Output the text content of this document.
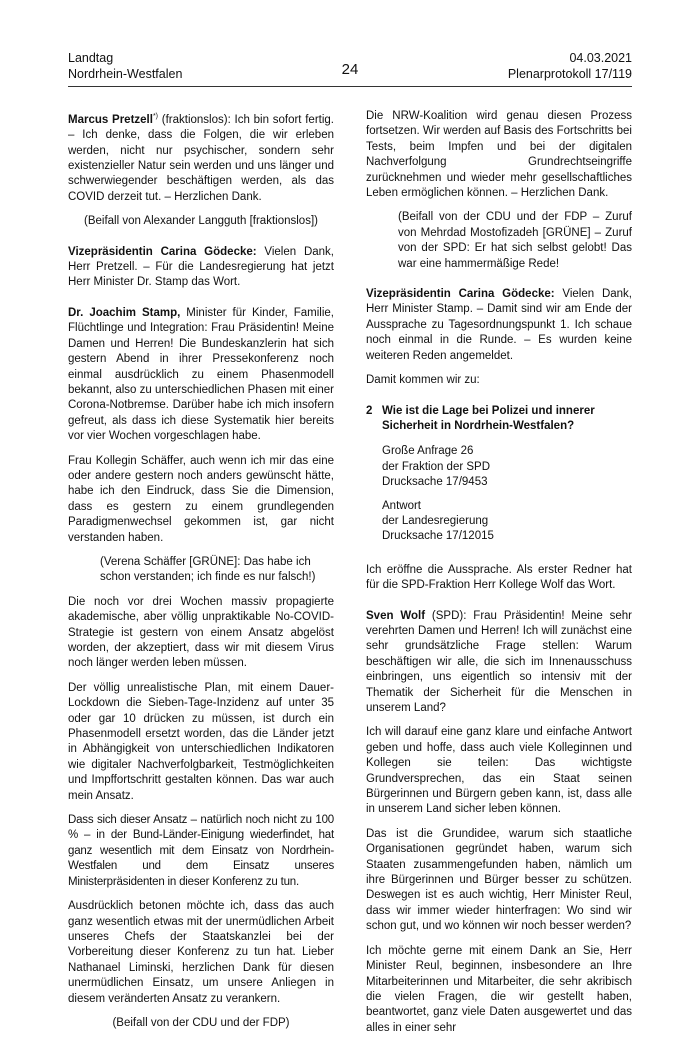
Landtag
Nordrhein-Westfalen	24
04.03.2021
Plenarprotokoll 17/119

Marcus Pretzell*) (fraktionslos): Ich bin sofort fertig. – Ich denke, dass die Folgen, die wir erleben werden, nicht nur psychischer, sondern sehr existenzieller Natur sein werden und uns länger und schwerwiegender beschäftigen werden, als das COVID derzeit tut. – Herzlichen Dank.

(Beifall von Alexander Langguth [fraktionslos])

Vizepräsidentin Carina Gödecke: Vielen Dank, Herr Pretzell. – Für die Landesregierung hat jetzt Herr Minister Dr. Stamp das Wort.

Dr. Joachim Stamp, Minister für Kinder, Familie, Flüchtlinge und Integration: Frau Präsidentin! Meine Damen und Herren! Die Bundeskanzlerin hat sich gestern Abend in ihrer Pressekonferenz noch einmal ausdrücklich zu einem Phasenmodell bekannt, also zu unterschiedlichen Phasen mit einer Corona-Notbremse. Darüber habe ich mich insofern gefreut, als dass ich diese Systematik hier bereits vor vier Wochen vorgeschlagen habe.

Frau Kollegin Schäffer, auch wenn ich mir das eine oder andere gestern noch anders gewünscht hätte, habe ich den Eindruck, dass Sie die Dimension, dass es gestern zu einem grundlegenden Paradigmenwechsel gekommen ist, gar nicht verstanden haben.

(Verena Schäffer [GRÜNE]: Das habe ich schon verstanden; ich finde es nur falsch!)

Die noch vor drei Wochen massiv propagierte akademische, aber völlig unpraktikable No-COVID-Strategie ist gestern von einem Ansatz abgelöst worden, der akzeptiert, dass wir mit diesem Virus noch länger werden leben müssen.

Der völlig unrealistische Plan, mit einem Dauer-Lockdown die Sieben-Tage-Inzidenz auf unter 35 oder gar 10 drücken zu müssen, ist durch ein Phasenmodell ersetzt worden, das die Länder jetzt in Abhängigkeit von unterschiedlichen Indikatoren wie digitaler Nachverfolgbarkeit, Testmöglichkeiten und Impffortschritt gestalten können. Das war auch mein Ansatz.

Dass sich dieser Ansatz – natürlich noch nicht zu 100 % – in der Bund-Länder-Einigung wiederfindet, hat ganz wesentlich mit dem Einsatz von Nordrhein-Westfalen und dem Einsatz unseres Ministerpräsidenten in dieser Konferenz zu tun.

Ausdrücklich betonen möchte ich, dass das auch ganz wesentlich etwas mit der unermüdlichen Arbeit unseres Chefs der Staatskanzlei bei der Vorbereitung dieser Konferenz zu tun hat. Lieber Nathanael Liminski, herzlichen Dank für diesen unermüdlichen Einsatz, um unsere Anliegen in diesem veränderten Ansatz zu verankern.

(Beifall von der CDU und der FDP)

Die NRW-Koalition wird genau diesen Prozess fortsetzen. Wir werden auf Basis des Fortschritts bei Tests, beim Impfen und bei der digitalen Nachverfolgung Grundrechtseingriffe zurücknehmen und wieder mehr gesellschaftliches Leben ermöglichen können. – Herzlichen Dank.

(Beifall von der CDU und der FDP – Zuruf von Mehrdad Mostofizadeh [GRÜNE] – Zuruf von der SPD: Er hat sich selbst gelobt! Das war eine hammermäßige Rede!

Vizepräsidentin Carina Gödecke: Vielen Dank, Herr Minister Stamp. – Damit sind wir am Ende der Aussprache zu Tagesordnungspunkt 1. Ich schaue noch einmal in die Runde. – Es wurden keine weiteren Reden angemeldet.

Damit kommen wir zu:

2 Wie ist die Lage bei Polizei und innerer Sicherheit in Nordrhein-Westfalen?
Große Anfrage 26
der Fraktion der SPD
Drucksache 17/9453
Antwort
der Landesregierung
Drucksache 17/12015

Ich eröffne die Aussprache. Als erster Redner hat für die SPD-Fraktion Herr Kollege Wolf das Wort.

Sven Wolf (SPD): Frau Präsidentin! Meine sehr verehrten Damen und Herren! Ich will zunächst eine sehr grundsätzliche Frage stellen: Warum beschäftigen wir alle, die sich im Innenausschuss einbringen, uns eigentlich so intensiv mit der Thematik der Sicherheit für die Menschen in unserem Land?

Ich will darauf eine ganz klare und einfache Antwort geben und hoffe, dass auch viele Kolleginnen und Kollegen sie teilen: Das wichtigste Grundversprechen, das ein Staat seinen Bürgerinnen und Bürgern geben kann, ist, dass alle in unserem Land sicher leben können.

Das ist die Grundidee, warum sich staatliche Organisationen gegründet haben, warum sich Staaten zusammengefunden haben, nämlich um ihre Bürgerinnen und Bürger besser zu schützen. Deswegen ist es auch wichtig, Herr Minister Reul, dass wir immer wieder hinterfragen: Wo sind wir schon gut, und wo können wir noch besser werden?

Ich möchte gerne mit einem Dank an Sie, Herr Minister Reul, beginnen, insbesondere an Ihre Mitarbeiterinnen und Mitarbeiter, die sehr akribisch die vielen Fragen, die wir gestellt haben, beantwortet, ganz viele Daten ausgewertet und das alles in einer sehr
